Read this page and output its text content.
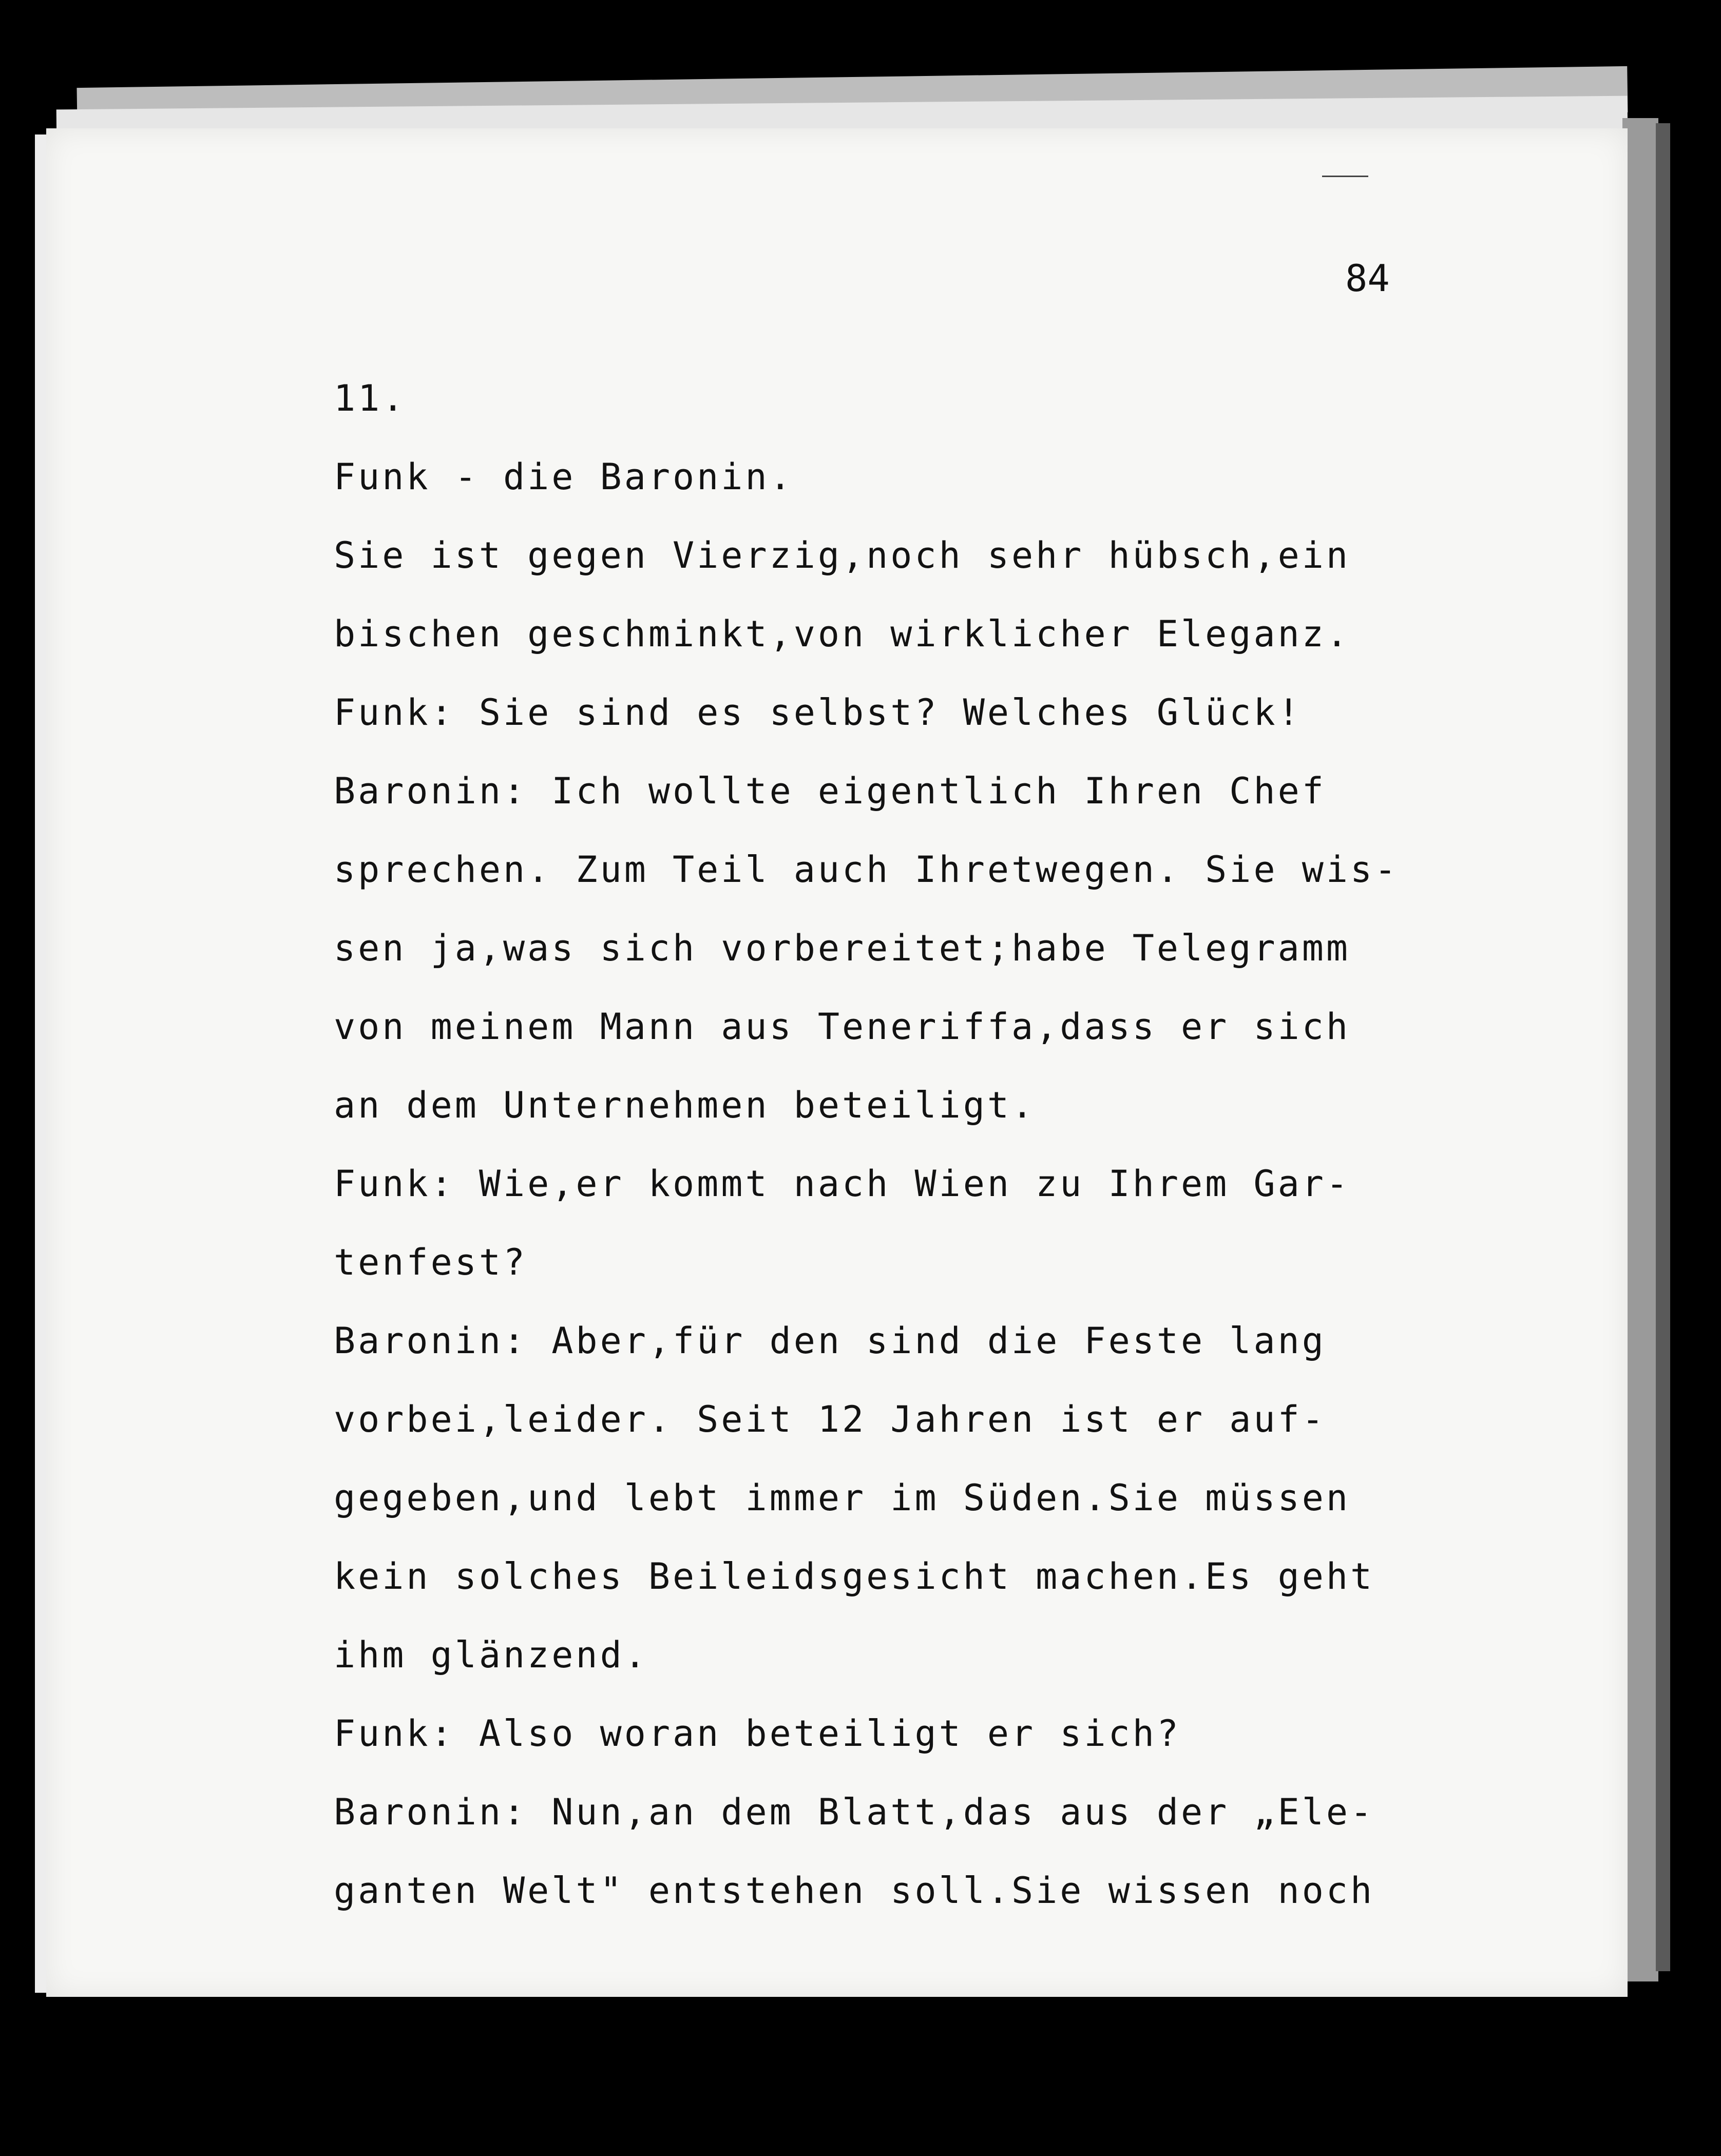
84
11.
Funk - die Baronin.
Sie ist gegen Vierzig,noch sehr hübsch,ein
bischen geschminkt,von wirklicher Eleganz.
Funk: Sie sind es selbst? Welches Glück!
Baronin: Ich wollte eigentlich Ihren Chef
sprechen. Zum Teil auch Ihretwegen. Sie wis-
sen ja,was sich vorbereitet;habe Telegramm
von meinem Mann aus Teneriffa,dass er sich
an dem Unternehmen beteiligt.
Funk: Wie,er kommt nach Wien zu Ihrem Gar-
tenfest?
Baronin: Aber,für den sind die Feste lang
vorbei,leider. Seit 12 Jahren ist er auf-
gegeben,und lebt immer im Süden.Sie müssen
kein solches Beileidsgesicht machen.Es geht
ihm glänzend.
Funk: Also woran beteiligt er sich?
Baronin: Nun,an dem Blatt,das aus der „Ele-
ganten Welt" entstehen soll.Sie wissen noch
